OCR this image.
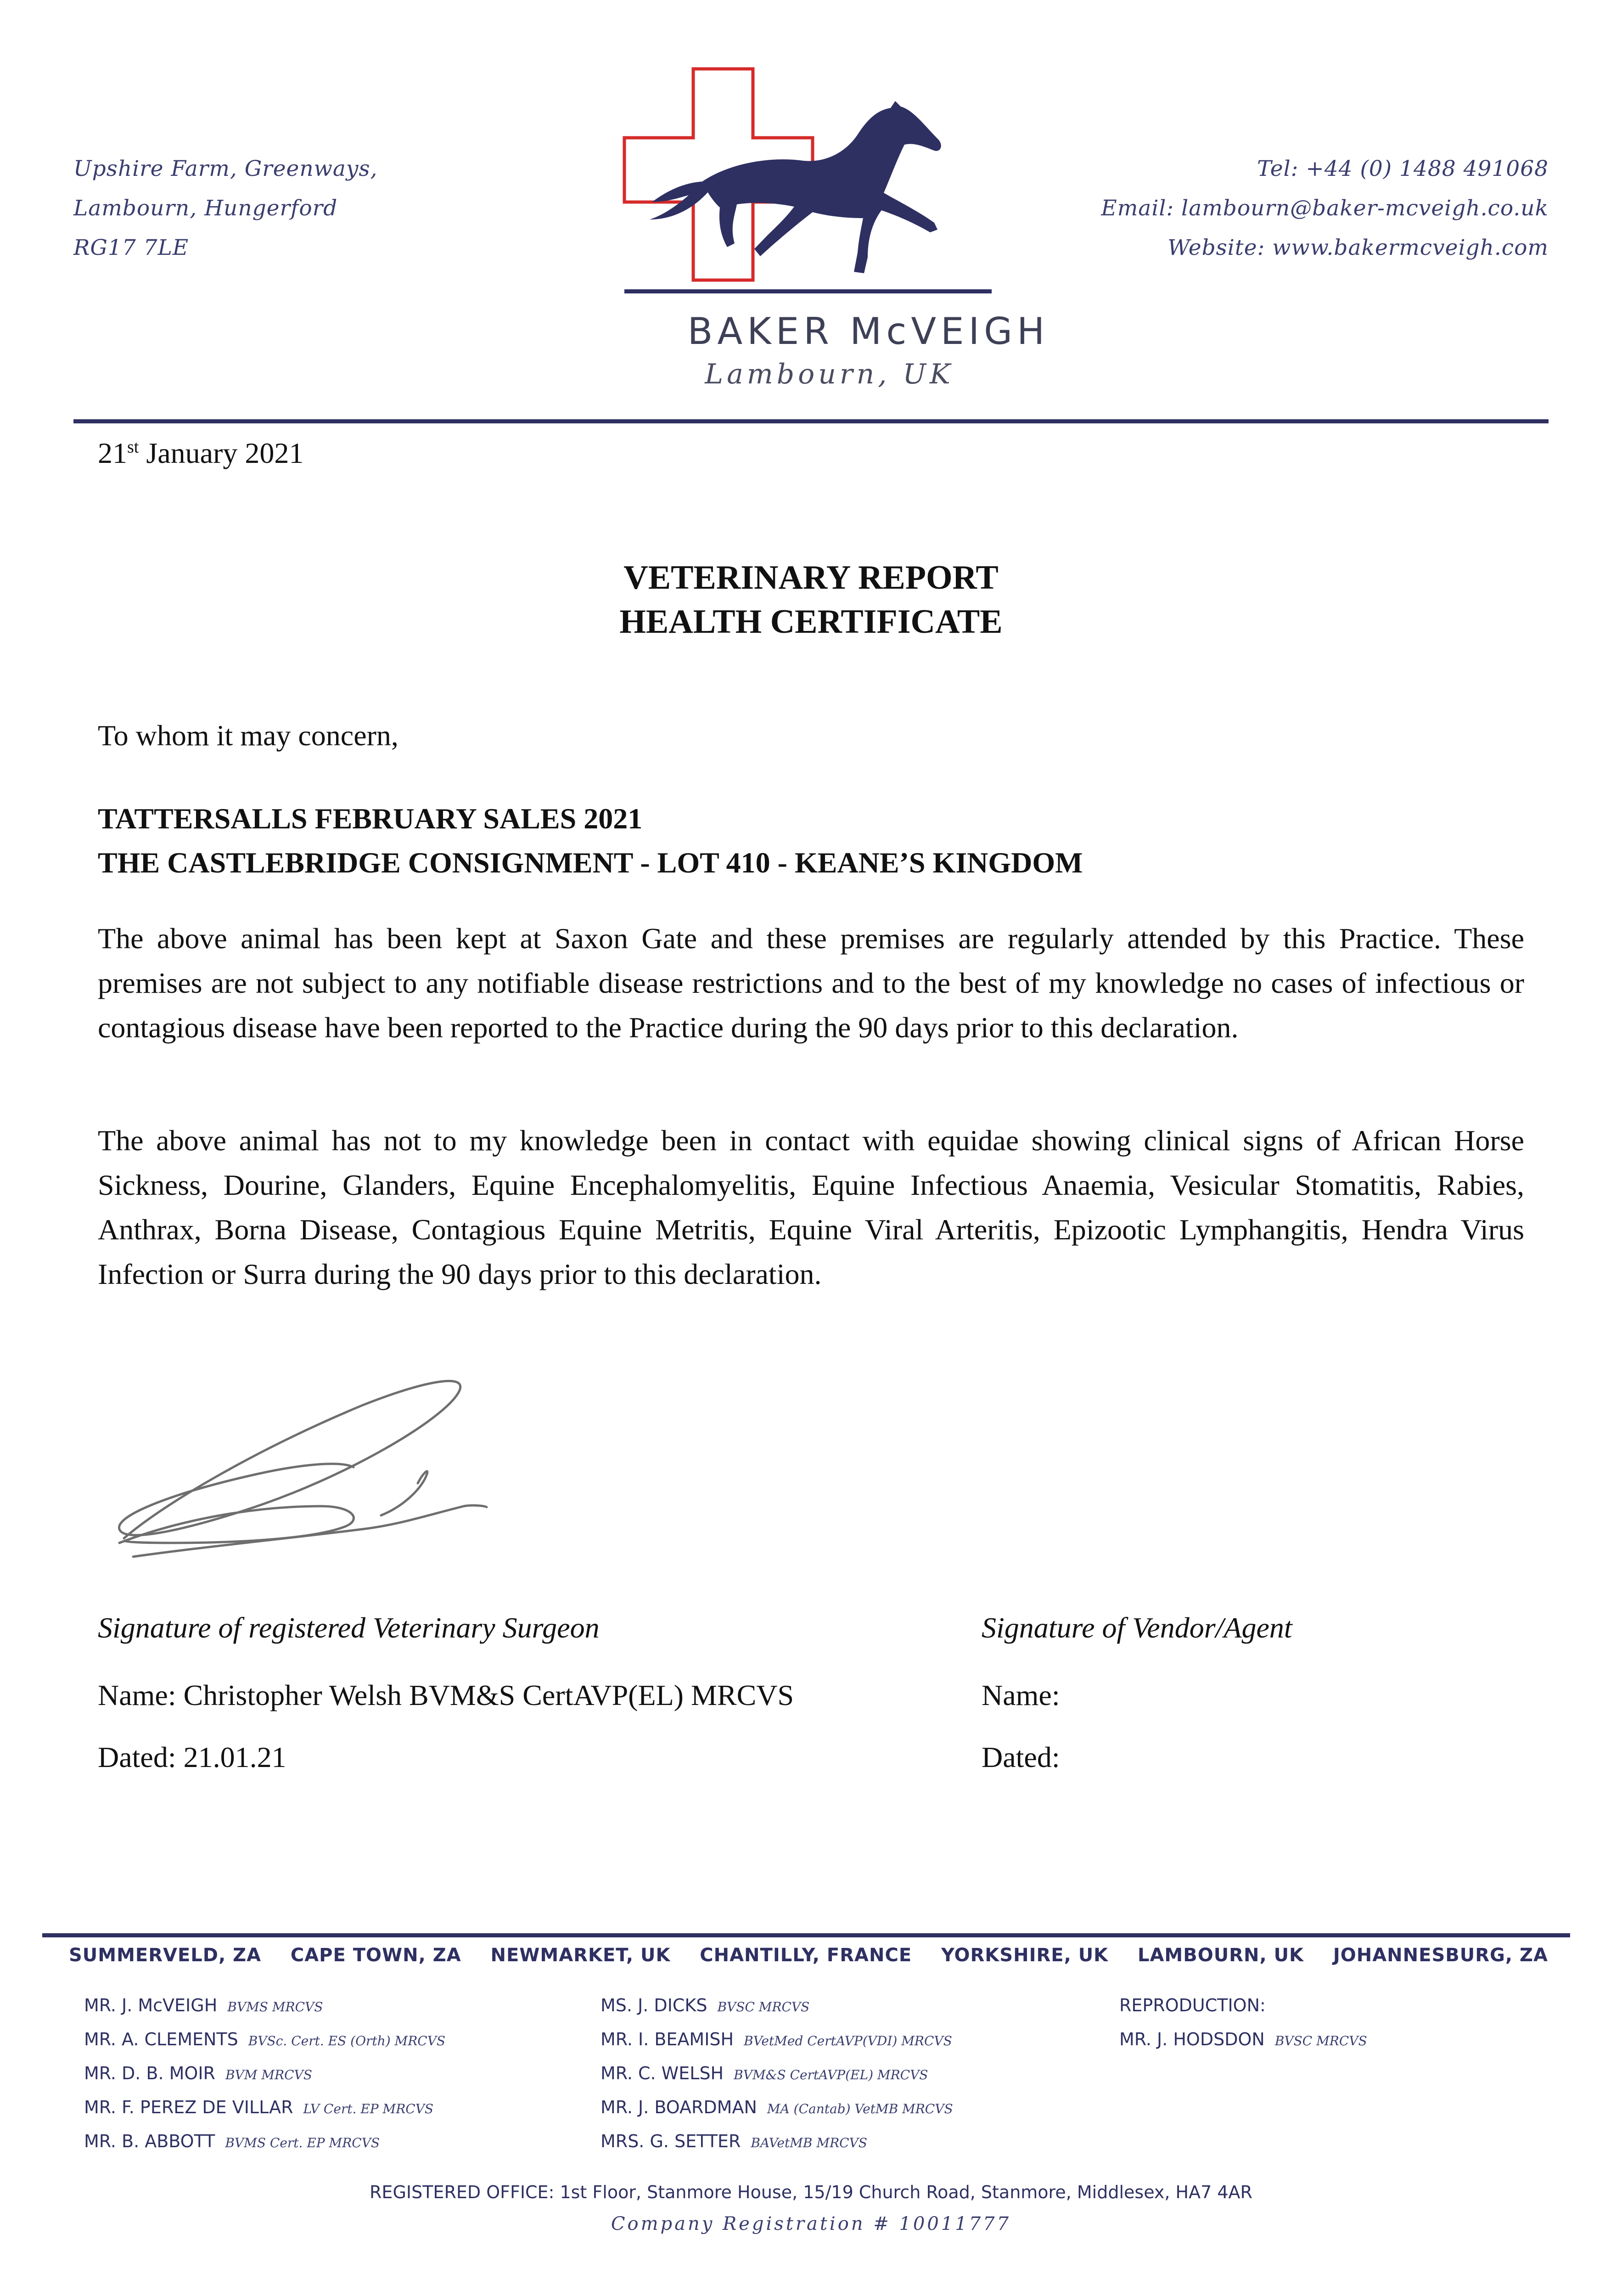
Upshire Farm, Greenways,
Lambourn, Hungerford
RG17 7LE
Tel: +44 (0) 1488 491068
Email: lambourn@baker-mcveigh.co.uk
Website: www.bakermcveigh.com
BAKER McVEIGH
Lambourn, UK
21st January 2021
VETERINARY REPORT
HEALTH CERTIFICATE
To whom it may concern,
TATTERSALLS FEBRUARY SALES 2021
THE CASTLEBRIDGE CONSIGNMENT - LOT 410 - KEANE’S KINGDOM
The above animal has been kept at Saxon Gate and these premises are regularly attended by this Practice. These premises are not subject to any notifiable disease restrictions and to the best of my knowledge no cases of infectious or contagious disease have been reported to the Practice during the 90 days prior to this declaration.
The above animal has not to my knowledge been in contact with equidae showing clinical signs of African Horse Sickness, Dourine, Glanders, Equine Encephalomyelitis, Equine Infectious Anaemia, Vesicular Stomatitis, Rabies, Anthrax, Borna Disease, Contagious Equine Metritis, Equine Viral Arteritis, Epizootic Lymphangitis, Hendra Virus Infection or Surra during the 90 days prior to this declaration.
Signature of registered Veterinary Surgeon
Name: Christopher Welsh BVM&S CertAVP(EL) MRCVS
Dated: 21.01.21
Signature of Vendor/Agent
Name:
Dated:
SUMMERVELD, ZA CAPE TOWN, ZA NEWMARKET, UK CHANTILLY, FRANCE YORKSHIRE, UK LAMBOURN, UK JOHANNESBURG, ZA
MR. J. McVEIGH BVMS MRCVS
MR. A. CLEMENTS BVSc. Cert. ES (Orth) MRCVS
MR. D. B. MOIR BVM MRCVS
MR. F. PEREZ DE VILLAR LV Cert. EP MRCVS
MR. B. ABBOTT BVMS Cert. EP MRCVS
MS. J. DICKS BVSC MRCVS
MR. I. BEAMISH BVetMed CertAVP(VDI) MRCVS
MR. C. WELSH BVM&S CertAVP(EL) MRCVS
MR. J. BOARDMAN MA (Cantab) VetMB MRCVS
MRS. G. SETTER BAVetMB MRCVS
REPRODUCTION:
MR. J. HODSDON BVSC MRCVS
REGISTERED OFFICE: 1st Floor, Stanmore House, 15/19 Church Road, Stanmore, Middlesex, HA7 4AR
Company Registration # 10011777
